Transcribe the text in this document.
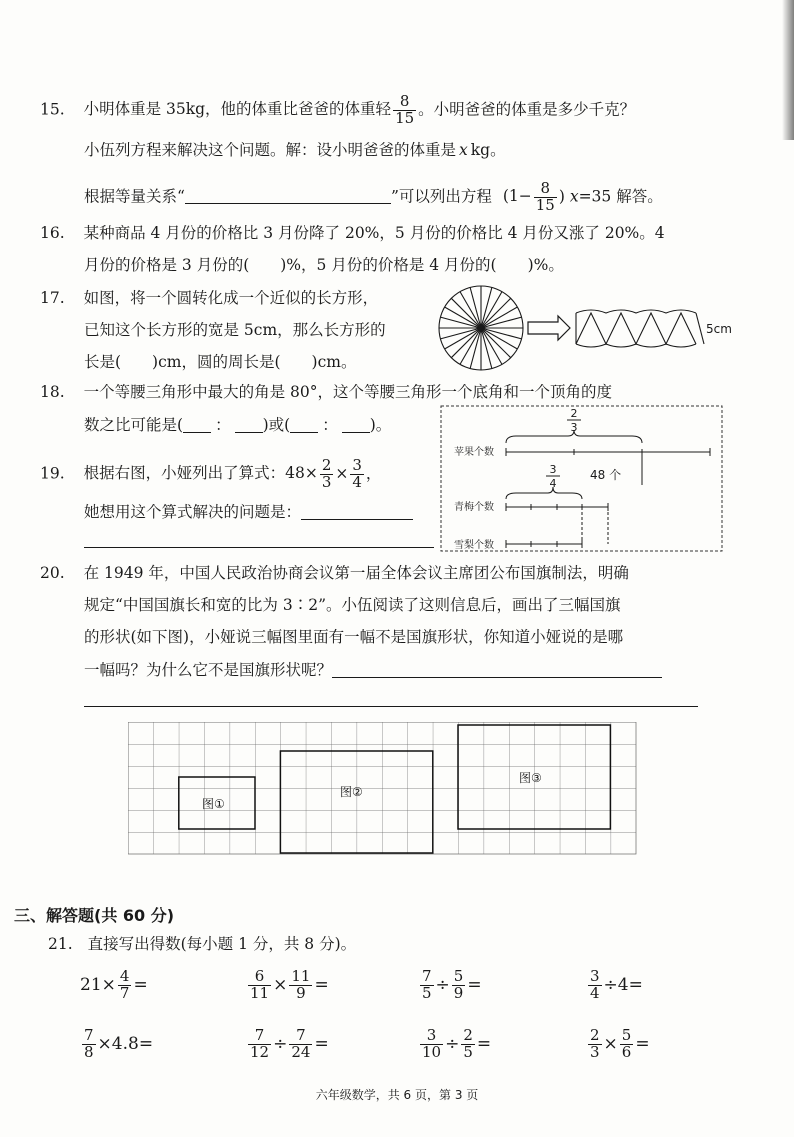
15. 小明体重是 35kg，他的体重比爸爸的体重轻 $\frac{8}{15}$ 。小明爸爸的体重是多少千克？
小伍列方程来解决这个问题。解：设小明爸爸的体重是 x kg。
根据等量关系“	”可以列出方程 ($1- \frac{8}{15}$ ) x=35 解答。
16. 某种商品 4 月份的价格比 3 月份降了 20%，5 月份的价格比 4 月份又涨了 20%。4
月份的价格是 3 月份的(　　)%，5 月份的价格是 4 月份的(　　)%。
17. 如图，将一个圆转化成一个近似的长方形，
已知这个长方形的宽是 5cm，那么长方形的
长是(　　)cm，圆的周长是(　　)cm。
5cm
18. 一个等腰三角形中最大的角是 80°，这个等腰三角形一个底角和一个顶角的度
数之比可能是( ： )或( ： )。
19. 根据右图，小娅列出了算式：$48\times \frac{2}{3} \times \frac{3}{4}$ ，
她想用这个算式解决的问题是：
苹果个数
青梅个数
雪梨个数
2
3
3
4
48 个
20. 在 1949 年，中国人民政治协商会议第一届全体会议主席团公布国旗制法，明确
规定“中国国旗长和宽的比为 3∶2”。小伍阅读了这则信息后，画出了三幅国旗
的形状(如下图)，小娅说三幅图里面有一幅不是国旗形状，你知道小娅说的是哪
一幅吗？为什么它不是国旗形状呢？
图①
图②
图③
三、解答题(共 60 分)
21. 直接写出得数(每小题 1 分，共 8 分)。
$21\times \frac{4}{7}$ =	$\frac{6}{11} \times \frac{11}{9}$ =	$\frac{7}{5} \div \frac{5}{9}$ =	$\frac{3}{4} \div 4=$
$\frac{7}{8} \times 4.8=$	$\frac{7}{12} \div \frac{7}{24}$ =	$\frac{3}{10} \div \frac{2}{5}$ =	$\frac{2}{3} \times \frac{5}{6}$ =
六年级数学，共 6 页，第 3 页
